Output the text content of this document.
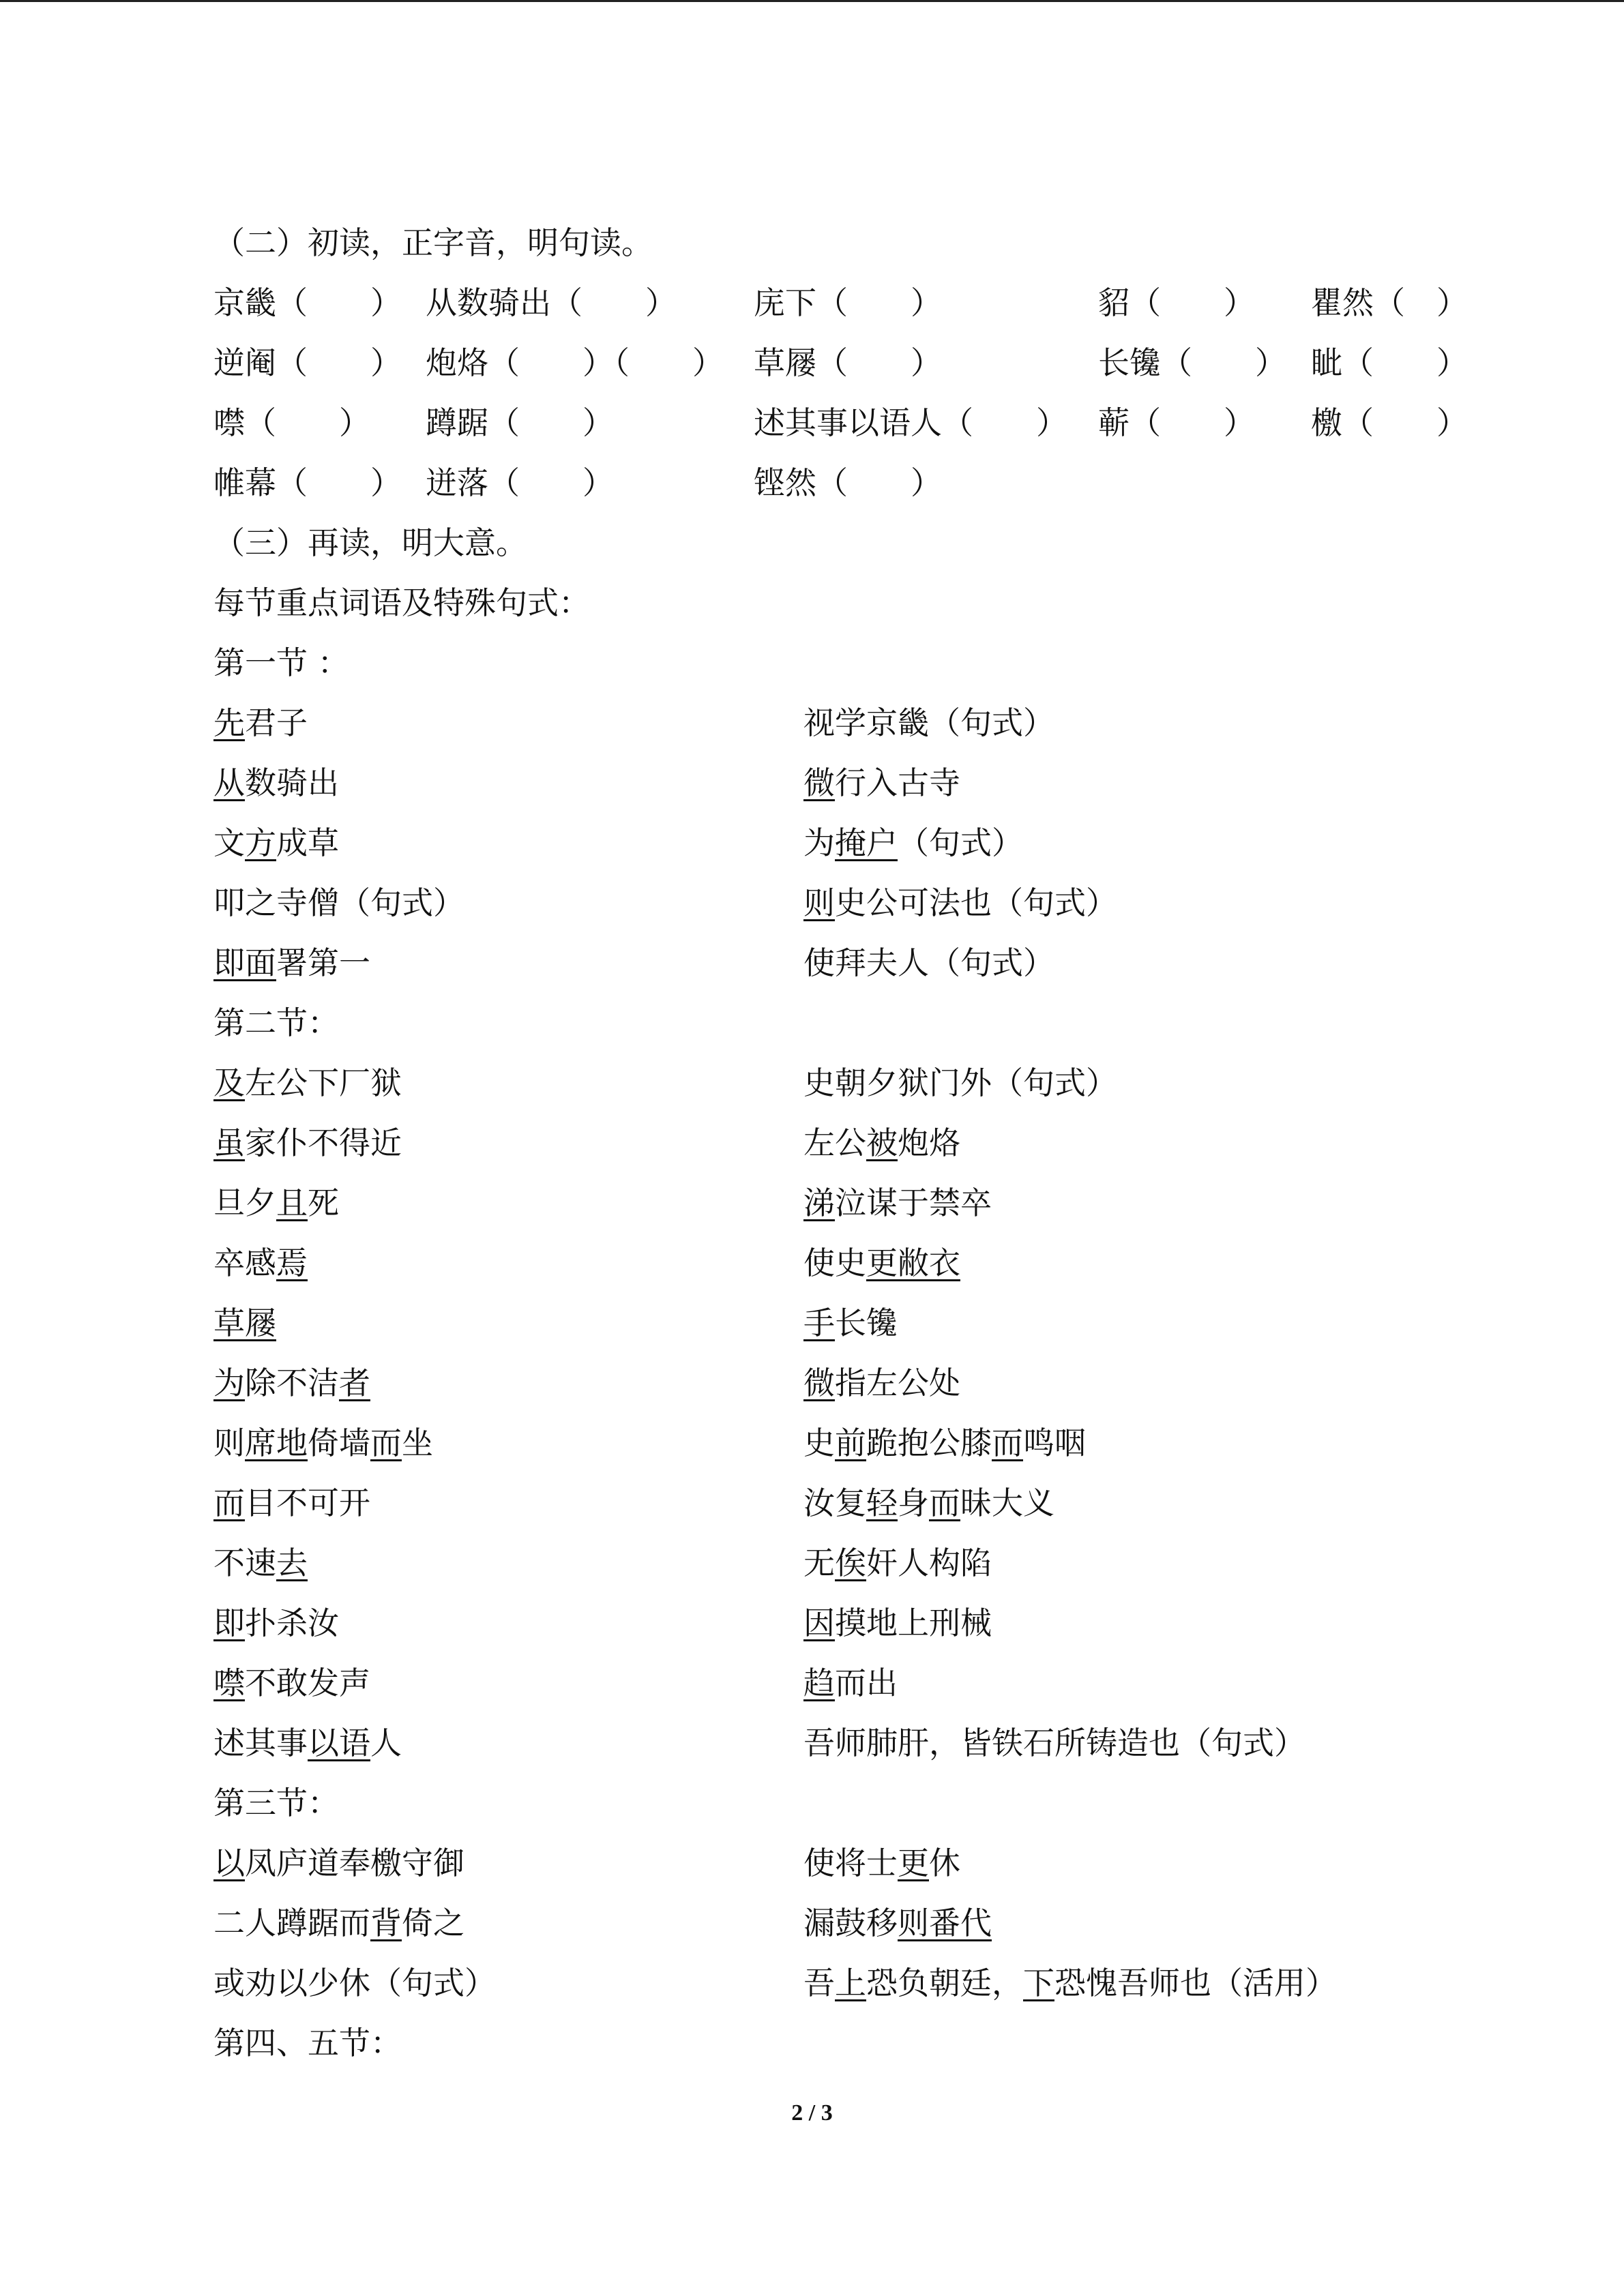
（二）初读，正字音，明句读。
京畿（　　） 从数骑出（　　） 庑下（　　）	貂（　　） 瞿然（　）
逆阉（　　） 炮烙（　　）（　　） 草屦（　　）	长镵（　　） 眦（　　）
噤（　　） 蹲踞（　　）	述其事以语人（　　） 蕲（　　） 檄（　　）
帷幕（　　） 迸落（　　）	铿然（　　）
（三）再读，明大意。
每节重点词语及特殊句式：
第一节 ：
先君子	视学京畿（句式）
从数骑出	微行入古寺
文方成草	为掩户（句式）
叩之寺僧（句式）	则史公可法也（句式）
即面署第一	使拜夫人（句式）
第二节：
及左公下厂狱	史朝夕狱门外（句式）
虽家仆不得近	左公被炮烙
旦夕且死	涕泣谋于禁卒
卒感焉	使史更敝衣
草屦	手长镵
为除不洁者	微指左公处
则席地倚墙而坐	史前跪抱公膝而鸣咽
而目不可开	汝复轻身而昧大义
不速去	无俟奸人构陷
即扑杀汝	因摸地上刑械
噤不敢发声	趋而出
述其事以语人	吾师肺肝，皆铁石所铸造也（句式）
第三节：
以凤庐道奉檄守御	使将士更休
二人蹲踞而背倚之	漏鼓移则番代
或劝以少休（句式）	吾上恐负朝廷，下恐愧吾师也（活用）
第四、五节：
2 / 3
